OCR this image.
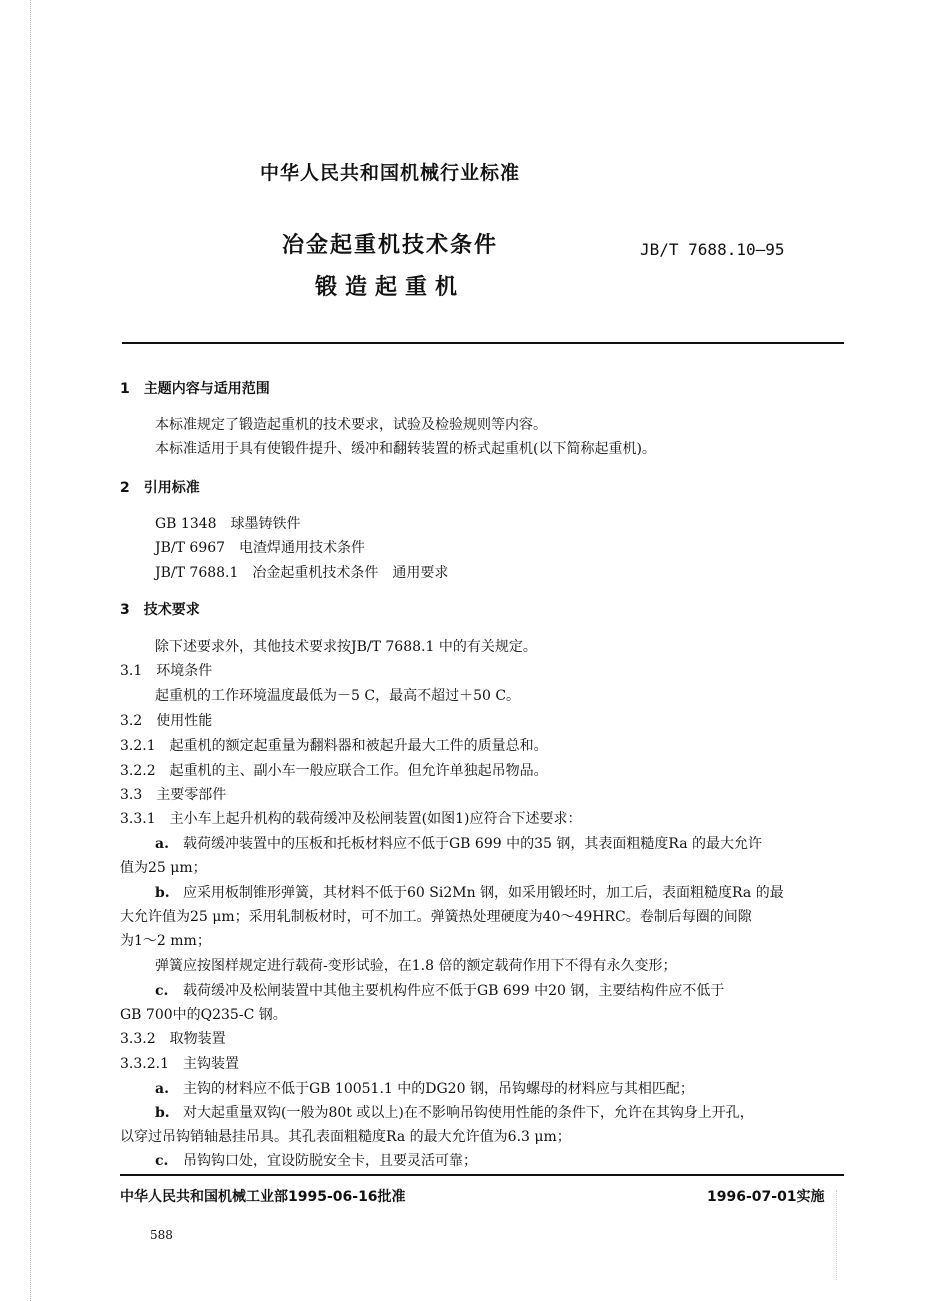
中华人民共和国机械行业标准
冶金起重机技术条件
锻造起重机
JB/T 7688.10—95
1　主题内容与适用范围
本标准规定了锻造起重机的技术要求，试验及检验规则等内容。
本标准适用于具有使锻件提升、缓冲和翻转装置的桥式起重机(以下简称起重机)。
2　引用标准
GB 1348　球墨铸铁件
JB/T 6967　电渣焊通用技术条件
JB/T 7688.1　冶金起重机技术条件　通用要求
3　技术要求
除下述要求外，其他技术要求按JB/T 7688.1 中的有关规定。
3.1　环境条件
起重机的工作环境温度最低为－5 C，最高不超过＋50 C。
3.2　使用性能
3.2.1　起重机的额定起重量为翻料器和被起升最大工件的质量总和。
3.2.2　起重机的主、副小车一般应联合工作。但允许单独起吊物品。
3.3　主要零部件
3.3.1　主小车上起升机构的载荷缓冲及松闸装置(如图1)应符合下述要求：
a. 载荷缓冲装置中的压板和托板材料应不低于GB 699 中的35 钢，其表面粗糙度Ra 的最大允许
值为25 μm；
b. 应采用板制锥形弹簧，其材料不低于60 Si2Mn 钢，如采用锻坯时，加工后，表面粗糙度Ra 的最
大允许值为25 μm；采用轧制板材时，可不加工。弹簧热处理硬度为40～49HRC。卷制后每圈的间隙
为1～2 mm；
弹簧应按图样规定进行载荷-变形试验，在1.8 倍的额定载荷作用下不得有永久变形；
c. 载荷缓冲及松闸装置中其他主要机构件应不低于GB 699 中20 钢，主要结构件应不低于
GB 700中的Q235-C 钢。
3.3.2　取物装置
3.3.2.1　主钩装置
a. 主钩的材料应不低于GB 10051.1 中的DG20 钢，吊钩螺母的材料应与其相匹配；
b. 对大起重量双钩(一般为80t 或以上)在不影响吊钩使用性能的条件下，允许在其钩身上开孔，
以穿过吊钩销轴悬挂吊具。其孔表面粗糙度Ra 的最大允许值为6.3 μm；
c. 吊钩钩口处，宜设防脱安全卡，且要灵活可靠；
中华人民共和国机械工业部1995-06-16批准	1996-07-01实施
588
